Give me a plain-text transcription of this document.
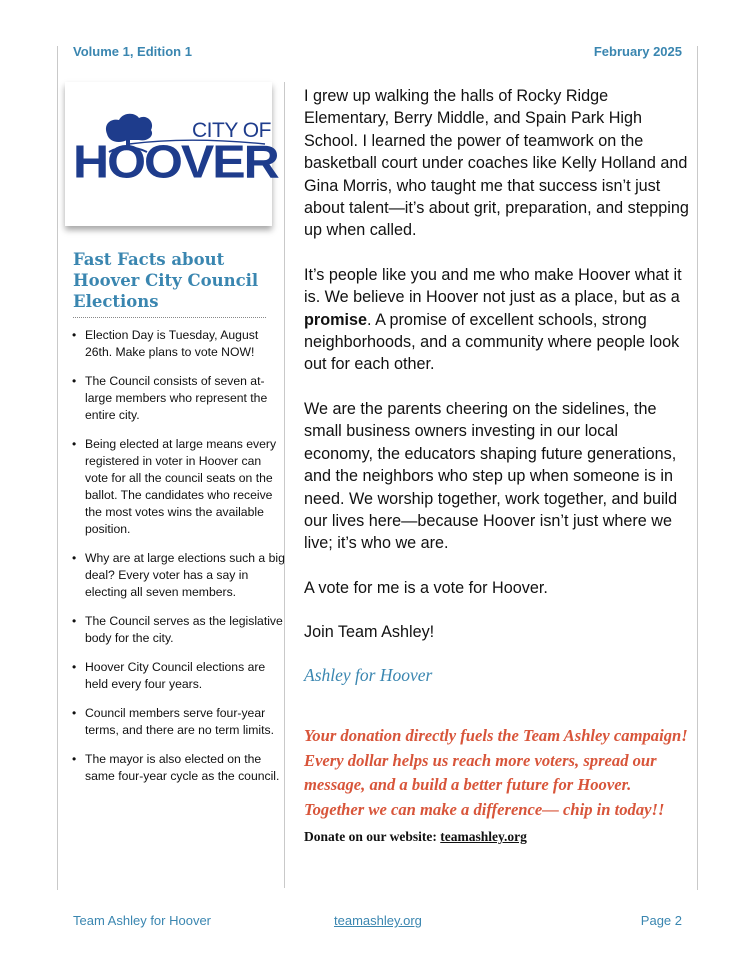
Volume 1, Edition 1	February 2025
CITY OF
HOOVER
Fast Facts about Hoover City Council Elections
• Election Day is Tuesday, August 26th. Make plans to vote NOW!
• The Council consists of seven at-large members who represent the entire city.
• Being elected at large means every registered in voter in Hoover can vote for all the council seats on the ballot. The candidates who receive the most votes wins the available position.
• Why are at large elections such a big deal? Every voter has a say in electing all seven members.
• The Council serves as the legislative body for the city.
• Hoover City Council elections are held every four years.
• Council members serve four-year terms, and there are no term limits.
• The mayor is also elected on the same four-year cycle as the council.

I grew up walking the halls of Rocky Ridge Elementary, Berry Middle, and Spain Park High School. I learned the power of teamwork on the basketball court under coaches like Kelly Holland and Gina Morris, who taught me that success isn’t just about talent—it’s about grit, preparation, and stepping up when called.

It’s people like you and me who make Hoover what it is. We believe in Hoover not just as a place, but as a promise. A promise of excellent schools, strong neighborhoods, and a community where people look out for each other.

We are the parents cheering on the sidelines, the small business owners investing in our local economy, the educators shaping future generations, and the neighbors who step up when someone is in need. We worship together, work together, and build our lives here—because Hoover isn’t just where we live; it’s who we are.

A vote for me is a vote for Hoover.

Join Team Ashley!

Ashley for Hoover
Your donation directly fuels the Team Ashley campaign! Every dollar helps us reach more voters, spread our message, and a build a better future for Hoover. Together we can make a difference— chip in today!!
Donate on our website: teamashley.org
Team Ashley for Hoover	teamashley.org	Page 2
